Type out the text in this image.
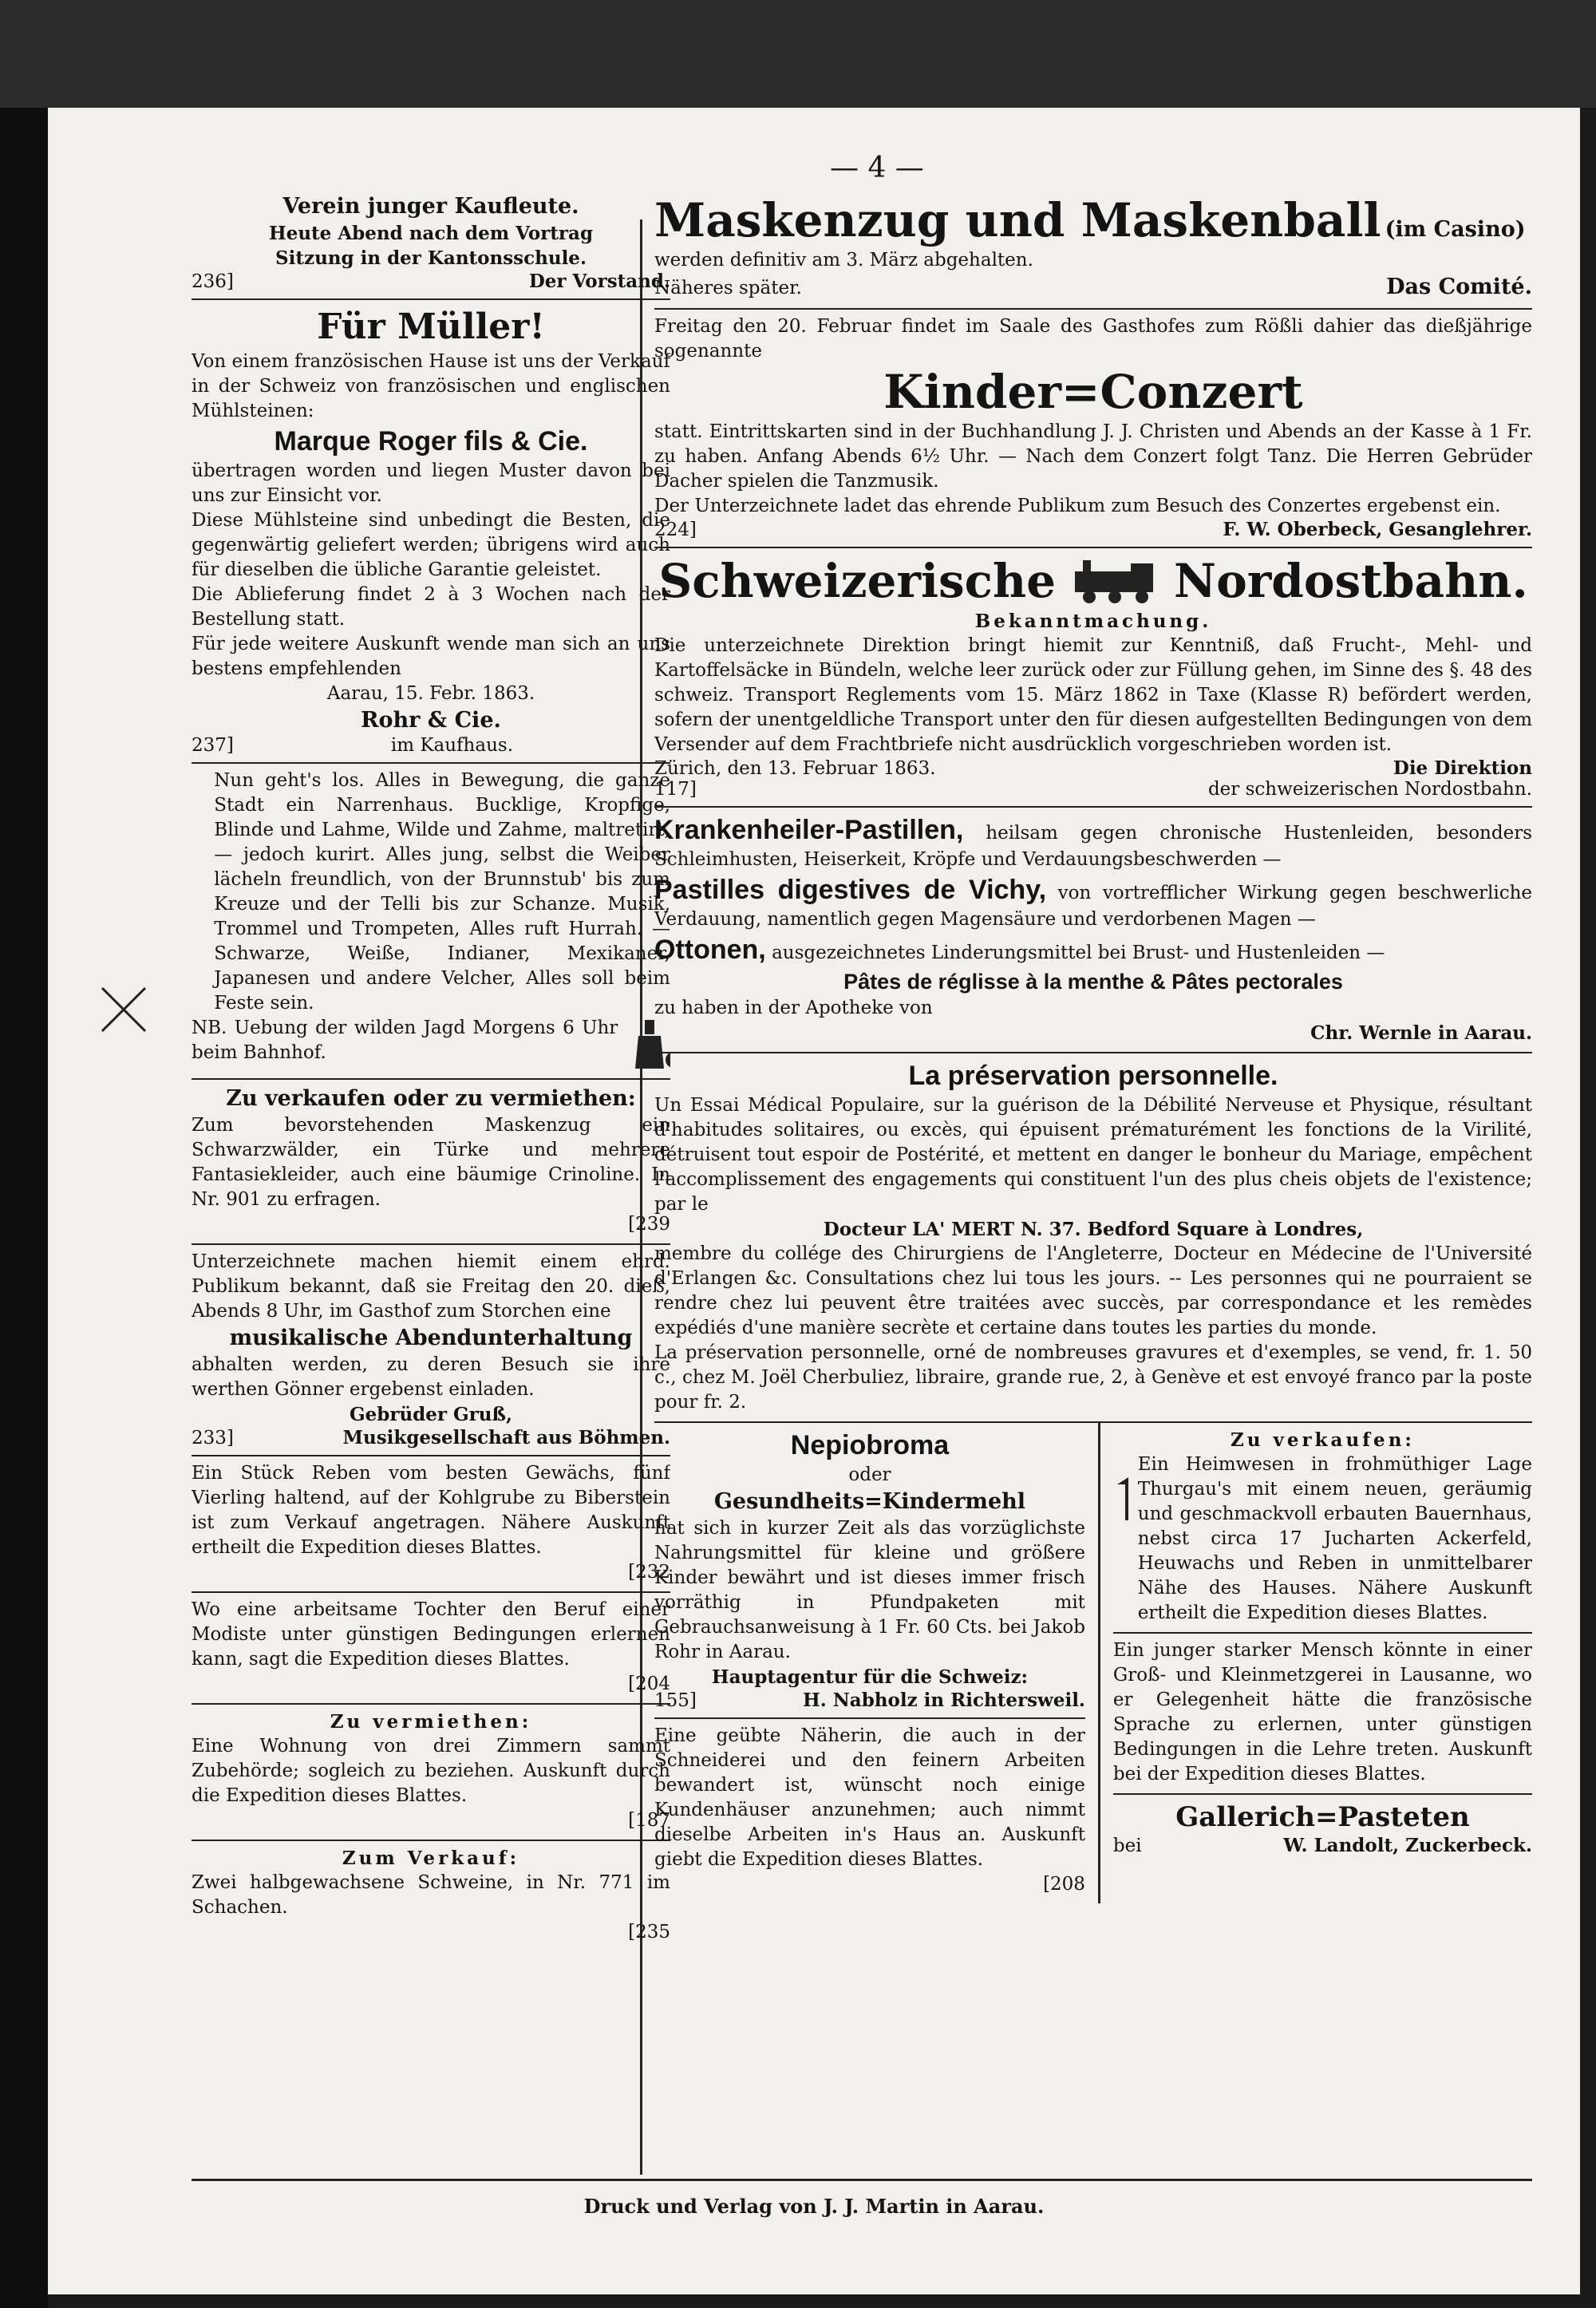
— 4 —
Verein junger Kaufleute.

Heute Abend nach dem Vortrag

Sitzung in der Kantonsschule.

236]	Der Vorstand.
Für Müller!

Von einem französischen Hause ist uns der Verkauf in der Schweiz von französischen und englischen Mühlsteinen:

Marque Roger fils & Cie.

übertragen worden und liegen Muster davon bei uns zur Einsicht vor.

Diese Mühlsteine sind unbedingt die Besten, die gegenwärtig geliefert werden; übrigens wird auch für dieselben die übliche Garantie geleistet.

Die Ablieferung findet 2 à 3 Wochen nach der Bestellung statt.

Für jede weitere Auskunft wende man sich an uns bestens empfehlenden

Aarau, 15. Febr. 1863.

Rohr & Cie.
237]	im Kaufhaus.

Nun geht's los. Alles in Bewegung, die ganze Stadt ein Narrenhaus. Bucklige, Kropfige, Blinde und Lahme, Wilde und Zahme, maltretirt, — jedoch kurirt. Alles jung, selbst die Weiber lächeln freundlich, von der Brunnstub' bis zum Kreuze und der Telli bis zur Schanze. Musik, Trommel und Trompeten, Alles ruft Hurrah. — Schwarze, Weiße, Indianer, Mexikaner, Japanesen und andere Velcher, Alles soll beim Feste sein.

NB. Uebung der wilden Jagd Morgens 6 Uhr beim Bahnhof.

Zu verkaufen oder zu vermiethen:

Zum bevorstehenden Maskenzug ein Schwarzwälder, ein Türke und mehrere Fantasiekleider, auch eine bäumige Crinoline. In Nr. 901 zu erfragen.

[239

Unterzeichnete machen hiemit einem ehrd. Publikum bekannt, daß sie Freitag den 20. dieß, Abends 8 Uhr, im Gasthof zum Storchen eine

musikalische Abendunterhaltung

abhalten werden, zu deren Besuch sie ihre werthen Gönner ergebenst einladen.

Gebrüder Gruß,

233]	Musikgesellschaft aus Böhmen.

Ein Stück Reben vom besten Gewächs, fünf Vierling haltend, auf der Kohlgrube zu Biberstein ist zum Verkauf angetragen. Nähere Auskunft ertheilt die Expedition dieses Blattes.

[232

Wo eine arbeitsame Tochter den Beruf einer Modiste unter günstigen Bedingungen erlernen kann, sagt die Expedition dieses Blattes.

[204

Zu vermiethen:

Eine Wohnung von drei Zimmern sammt Zubehörde; sogleich zu beziehen. Auskunft durch die Expedition dieses Blattes.

[187

Zum Verkauf:

Zwei halbgewachsene Schweine, in Nr. 771 im Schachen.

[235

Maskenzug und Maskenball (im Casino)

werden definitiv am 3. März abgehalten.

Näheres später.	Das Comité.

Freitag den 20. Februar findet im Saale des Gasthofes zum Rößli dahier das dießjährige sogenannte

Kinder=Conzert

statt. Eintrittskarten sind in der Buchhandlung J. J. Christen und Abends an der Kasse à 1 Fr. zu haben. Anfang Abends 6½ Uhr. — Nach dem Conzert folgt Tanz. Die Herren Gebrüder Dacher spielen die Tanzmusik.

Der Unterzeichnete ladet das ehrende Publikum zum Besuch des Conzertes ergebenst ein.

224]	F. W. Oberbeck, Gesanglehrer.
Schweizerische	Nordostbahn.

Bekanntmachung.

Die unterzeichnete Direktion bringt hiemit zur Kenntniß, daß Frucht-, Mehl- und Kartoffelsäcke in Bündeln, welche leer zurück oder zur Füllung gehen, im Sinne des §. 48 des schweiz. Transport Reglements vom 15. März 1862 in Taxe (Klasse R) befördert werden, sofern der unentgeldliche Transport unter den für diesen aufgestellten Bedingungen von dem Versender auf dem Frachtbriefe nicht ausdrücklich vorgeschrieben worden ist.

Zürich, den 13. Februar 1863.	Die Direktion
117]	der schweizerischen Nordostbahn.

Krankenheiler-Pastillen, heilsam gegen chronische Hustenleiden, besonders Schleimhusten, Heiserkeit, Kröpfe und Verdauungsbeschwerden —

Pastilles digestives de Vichy, von vortrefflicher Wirkung gegen beschwerliche Verdauung, namentlich gegen Magensäure und verdorbenen Magen —

Ottonen, ausgezeichnetes Linderungsmittel bei Brust- und Hustenleiden —

Pâtes de réglisse à la menthe & Pâtes pectorales

zu haben in der Apotheke von

Chr. Wernle in Aarau.

La préservation personnelle.

Un Essai Médical Populaire, sur la guérison de la Débilité Nerveuse et Physique, résultant d'habitudes solitaires, ou excès, qui épuisent prématurément les fonctions de la Virilité, détruisent tout espoir de Postérité, et mettent en danger le bonheur du Mariage, empêchent l'accomplissement des engagements qui constituent l'un des plus cheis objets de l'existence; par le

Docteur LA' MERT N. 37. Bedford Square à Londres,

membre du collége des Chirurgiens de l'Angleterre, Docteur en Médecine de l'Université d'Erlangen &c. Consultations chez lui tous les jours. -- Les personnes qui ne pourraient se rendre chez lui peuvent être traitées avec succès, par correspondance et les remèdes expédiés d'une manière secrète et certaine dans toutes les parties du monde.

La préservation personnelle, orné de nombreuses gravures et d'exemples, se vend, fr. 1. 50 c., chez M. Joël Cherbuliez, libraire, grande rue, 2, à Genève et est envoyé franco par la poste pour fr. 2.

Nepiobroma

oder

Gesundheits=Kindermehl

hat sich in kurzer Zeit als das vorzüglichste Nahrungsmittel für kleine und größere Kinder bewährt und ist dieses immer frisch vorräthig in Pfundpaketen mit Gebrauchsanweisung à 1 Fr. 60 Cts. bei Jakob Rohr in Aarau.

Hauptagentur für die Schweiz:

155]	H. Nabholz in Richtersweil.

Eine geübte Näherin, die auch in der Schneiderei und den feinern Arbeiten bewandert ist, wünscht noch einige Kundenhäuser anzunehmen; auch nimmt dieselbe Arbeiten in's Haus an. Auskunft giebt die Expedition dieses Blattes.

[208

Zu verkaufen:

Ein Heimwesen in frohmüthiger Lage Thurgau's mit einem neuen, geräumig und geschmackvoll erbauten Bauernhaus, nebst circa 17 Jucharten Ackerfeld, Heuwachs und Reben in unmittelbarer Nähe des Hauses. Nähere Auskunft ertheilt die Expedition dieses Blattes.

Ein junger starker Mensch könnte in einer Groß- und Kleinmetzgerei in Lausanne, wo er Gelegenheit hätte die französische Sprache zu erlernen, unter günstigen Bedingungen in die Lehre treten. Auskunft bei der Expedition dieses Blattes.

Gallerich=Pasteten
bei	W. Landolt, Zuckerbeck.
Druck und Verlag von J. J. Martin in Aarau.
